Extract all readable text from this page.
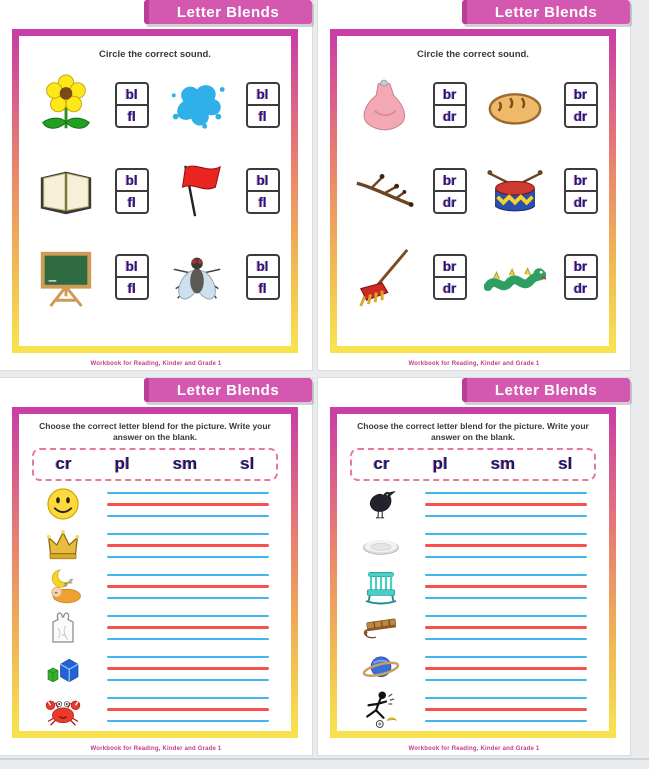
Letter Blends
Circle the correct sound.
bl
fl
bl
fl
bl
fl
bl
fl
bl
fl
bl
fl
Workbook for Reading, Kinder and Grade 1
Letter Blends
Circle the correct sound.
br
dr
br
dr
br
dr
br
dr
br
dr
br
dr
Workbook for Reading, Kinder and Grade 1
Letter Blends
Choose the correct letter blend for the picture. Write your answer on the blank.
cr	pl	sm	sl
Workbook for Reading, Kinder and Grade 1
Letter Blends
Choose the correct letter blend for the picture. Write your answer on the blank.
cr	pl	sm	sl
Workbook for Reading, Kinder and Grade 1
